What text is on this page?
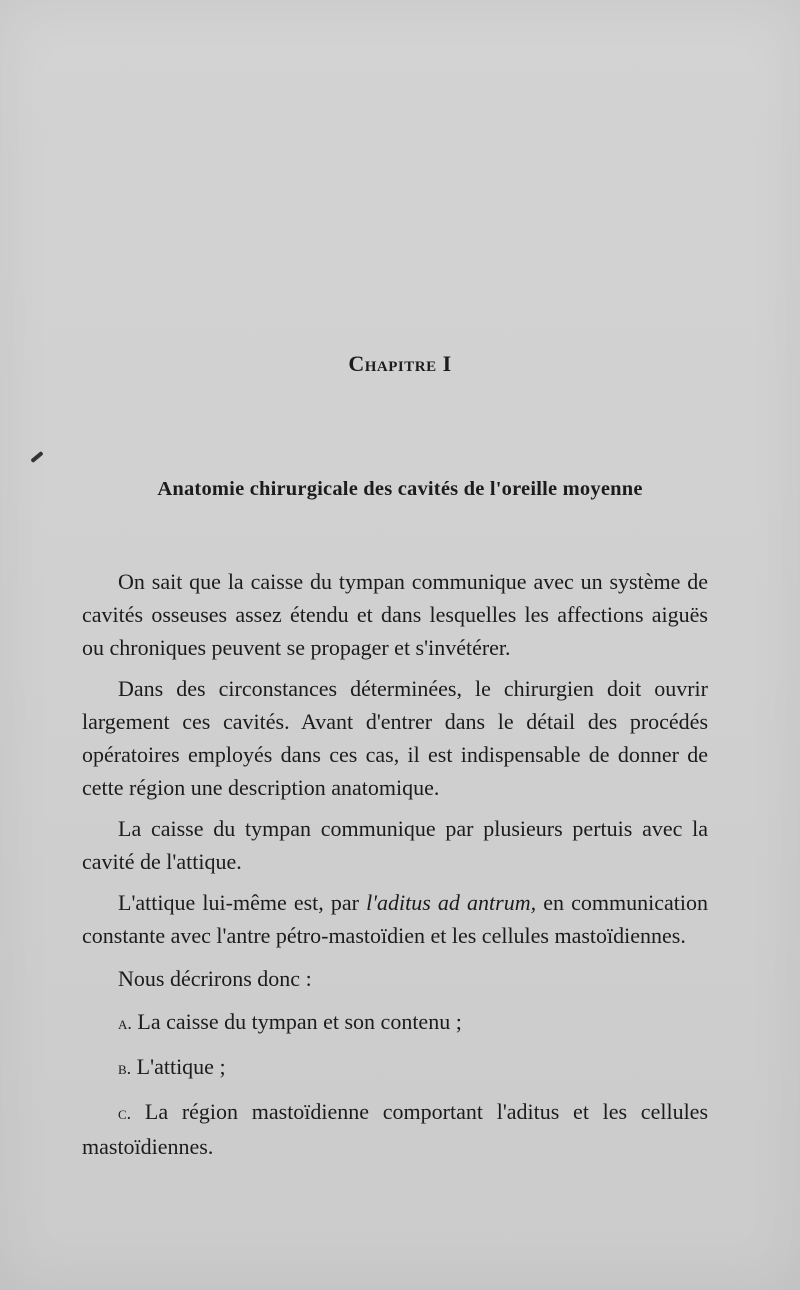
Chapitre I
Anatomie chirurgicale des cavités de l'oreille moyenne

On sait que la caisse du tympan communique avec un système de cavités osseuses assez étendu et dans lesquelles les affections aiguës ou chroniques peuvent se propager et s'invétérer.

Dans des circonstances déterminées, le chirurgien doit ouvrir largement ces cavités. Avant d'entrer dans le détail des procédés opératoires employés dans ces cas, il est indispensable de donner de cette région une description anatomique.

La caisse du tympan communique par plusieurs pertuis avec la cavité de l'attique.

L'attique lui-même est, par l'aditus ad antrum, en communication constante avec l'antre pétro-mastoïdien et les cellules mastoïdiennes.

Nous décrirons donc :

a. La caisse du tympan et son contenu ;

b. L'attique ;

c. La région mastoïdienne comportant l'aditus et les cellules mastoïdiennes.
